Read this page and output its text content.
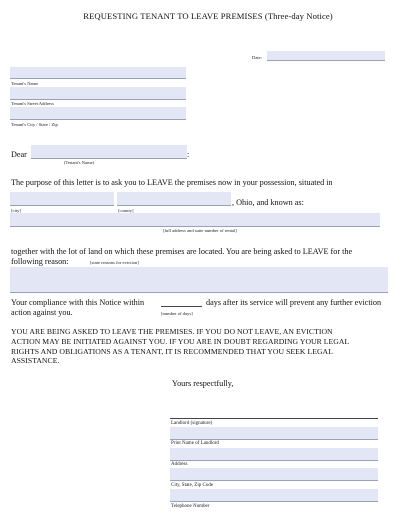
REQUESTING TENANT TO LEAVE PREMISES (Three-day Notice)
Date:
Tenant's Name
Tenant's Street Address
Tenant's City / State / Zip
Dear	:
(Tenant's Name)
The purpose of this letter is to ask you to LEAVE the premises now in your possession, situated in
, Ohio, and known as:
[city]	[county]
[full address and suite number of rental]
together with the lot of land on which these premises are located. You are being asked to LEAVE for the
following reason:	[state reasons for eviction]
Your compliance with this Notice within	days after its service will prevent any further eviction
action against you.	[number of days]
YOU ARE BEING ASKED TO LEAVE THE PREMISES. IF YOU DO NOT LEAVE, AN EVICTION
ACTION MAY BE INITIATED AGAINST YOU. IF YOU ARE IN DOUBT REGARDING YOUR LEGAL
RIGHTS AND OBLIGATIONS AS A TENANT, IT IS RECOMMENDED THAT YOU SEEK LEGAL
ASSISTANCE.
Yours respectfully,
Landlord (signature)
Print Name of Landlord
Address
City, State, Zip Code
Telephone Number
